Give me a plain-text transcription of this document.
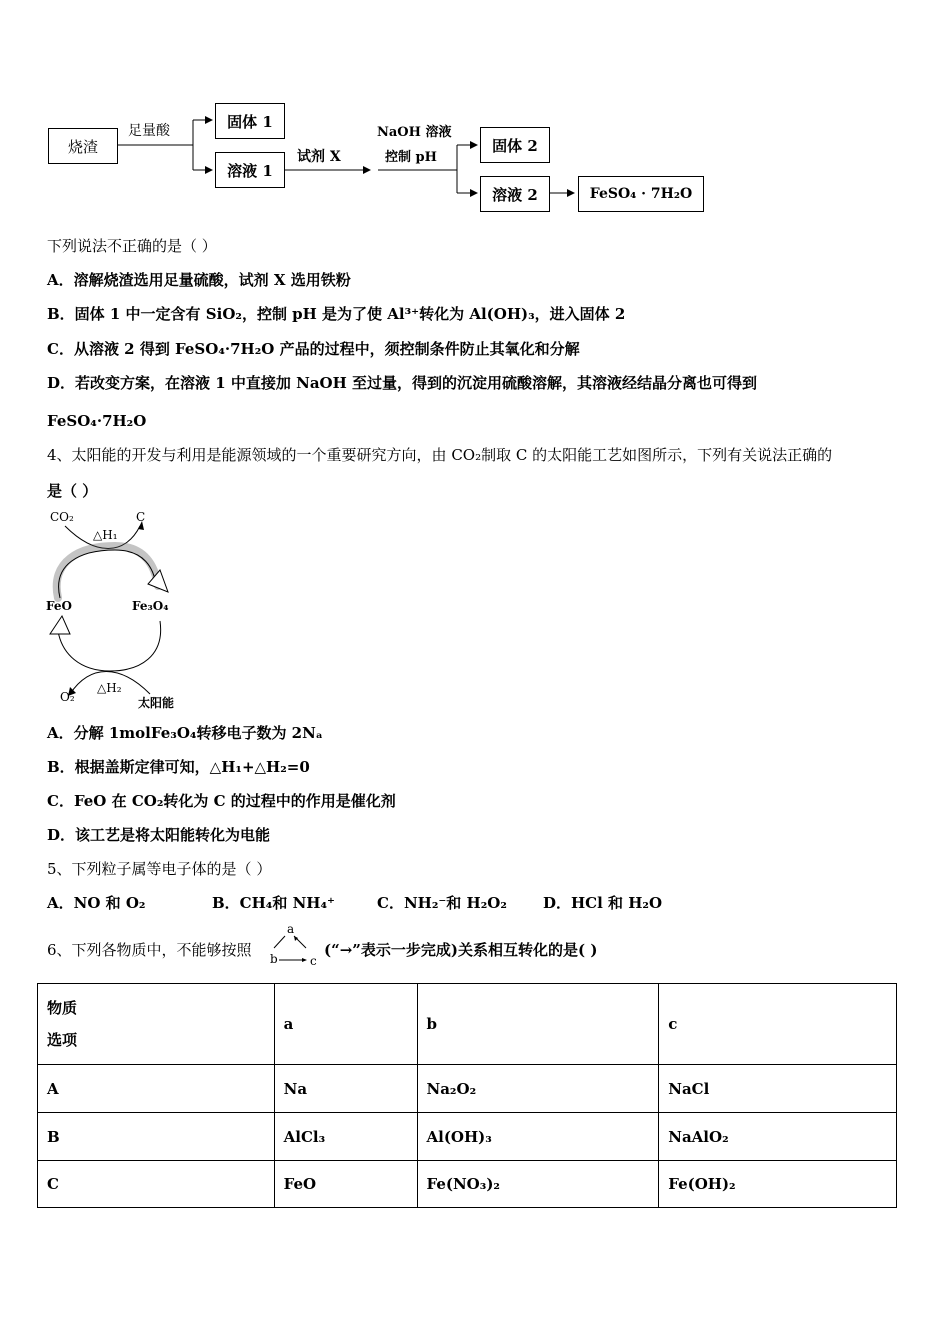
烧渣
足量酸
固体 1
溶液 1
试剂 X
NaOH 溶液
控制 pH
固体 2
溶液 2	FeSO₄ · 7H₂O
下列说法不正确的是（ ）
A．溶解烧渣选用足量硫酸，试剂 X 选用铁粉
B．固体 1 中一定含有 SiO₂，控制 pH 是为了使 Al³⁺转化为 Al(OH)₃，进入固体 2
C．从溶液 2 得到 FeSO₄·7H₂O 产品的过程中，须控制条件防止其氧化和分解
D．若改变方案，在溶液 1 中直接加 NaOH 至过量，得到的沉淀用硫酸溶解，其溶液经结晶分离也可得到
FeSO₄·7H₂O
4、太阳能的开发与利用是能源领域的一个重要研究方向，由 CO₂制取 C 的太阳能工艺如图所示，下列有关说法正确的
是（ ）
CO₂	C
△H₁
FeO	Fe₃O₄
O₂
△H₂
太阳能
A．分解 1molFe₃O₄转移电子数为 2Nₐ
B．根据盖斯定律可知，△H₁+△H₂=0
C．FeO 在 CO₂转化为 C 的过程中的作用是催化剂
D．该工艺是将太阳能转化为电能
5、下列粒子属等电子体的是（ ）
A．NO 和 O₂	B．CH₄和 NH₄⁺	C．NH₂⁻和 H₂O₂ D．HCl 和 H₂O
6、下列各物质中，不能够按照
a
b	c
(“→”表示一步完成)关系相互转化的是( )
物质
选项	a	b	c
A	Na	Na₂O₂	NaCl
B	AlCl₃	Al(OH)₃	NaAlO₂
C	FeO	Fe(NO₃)₂	Fe(OH)₂
